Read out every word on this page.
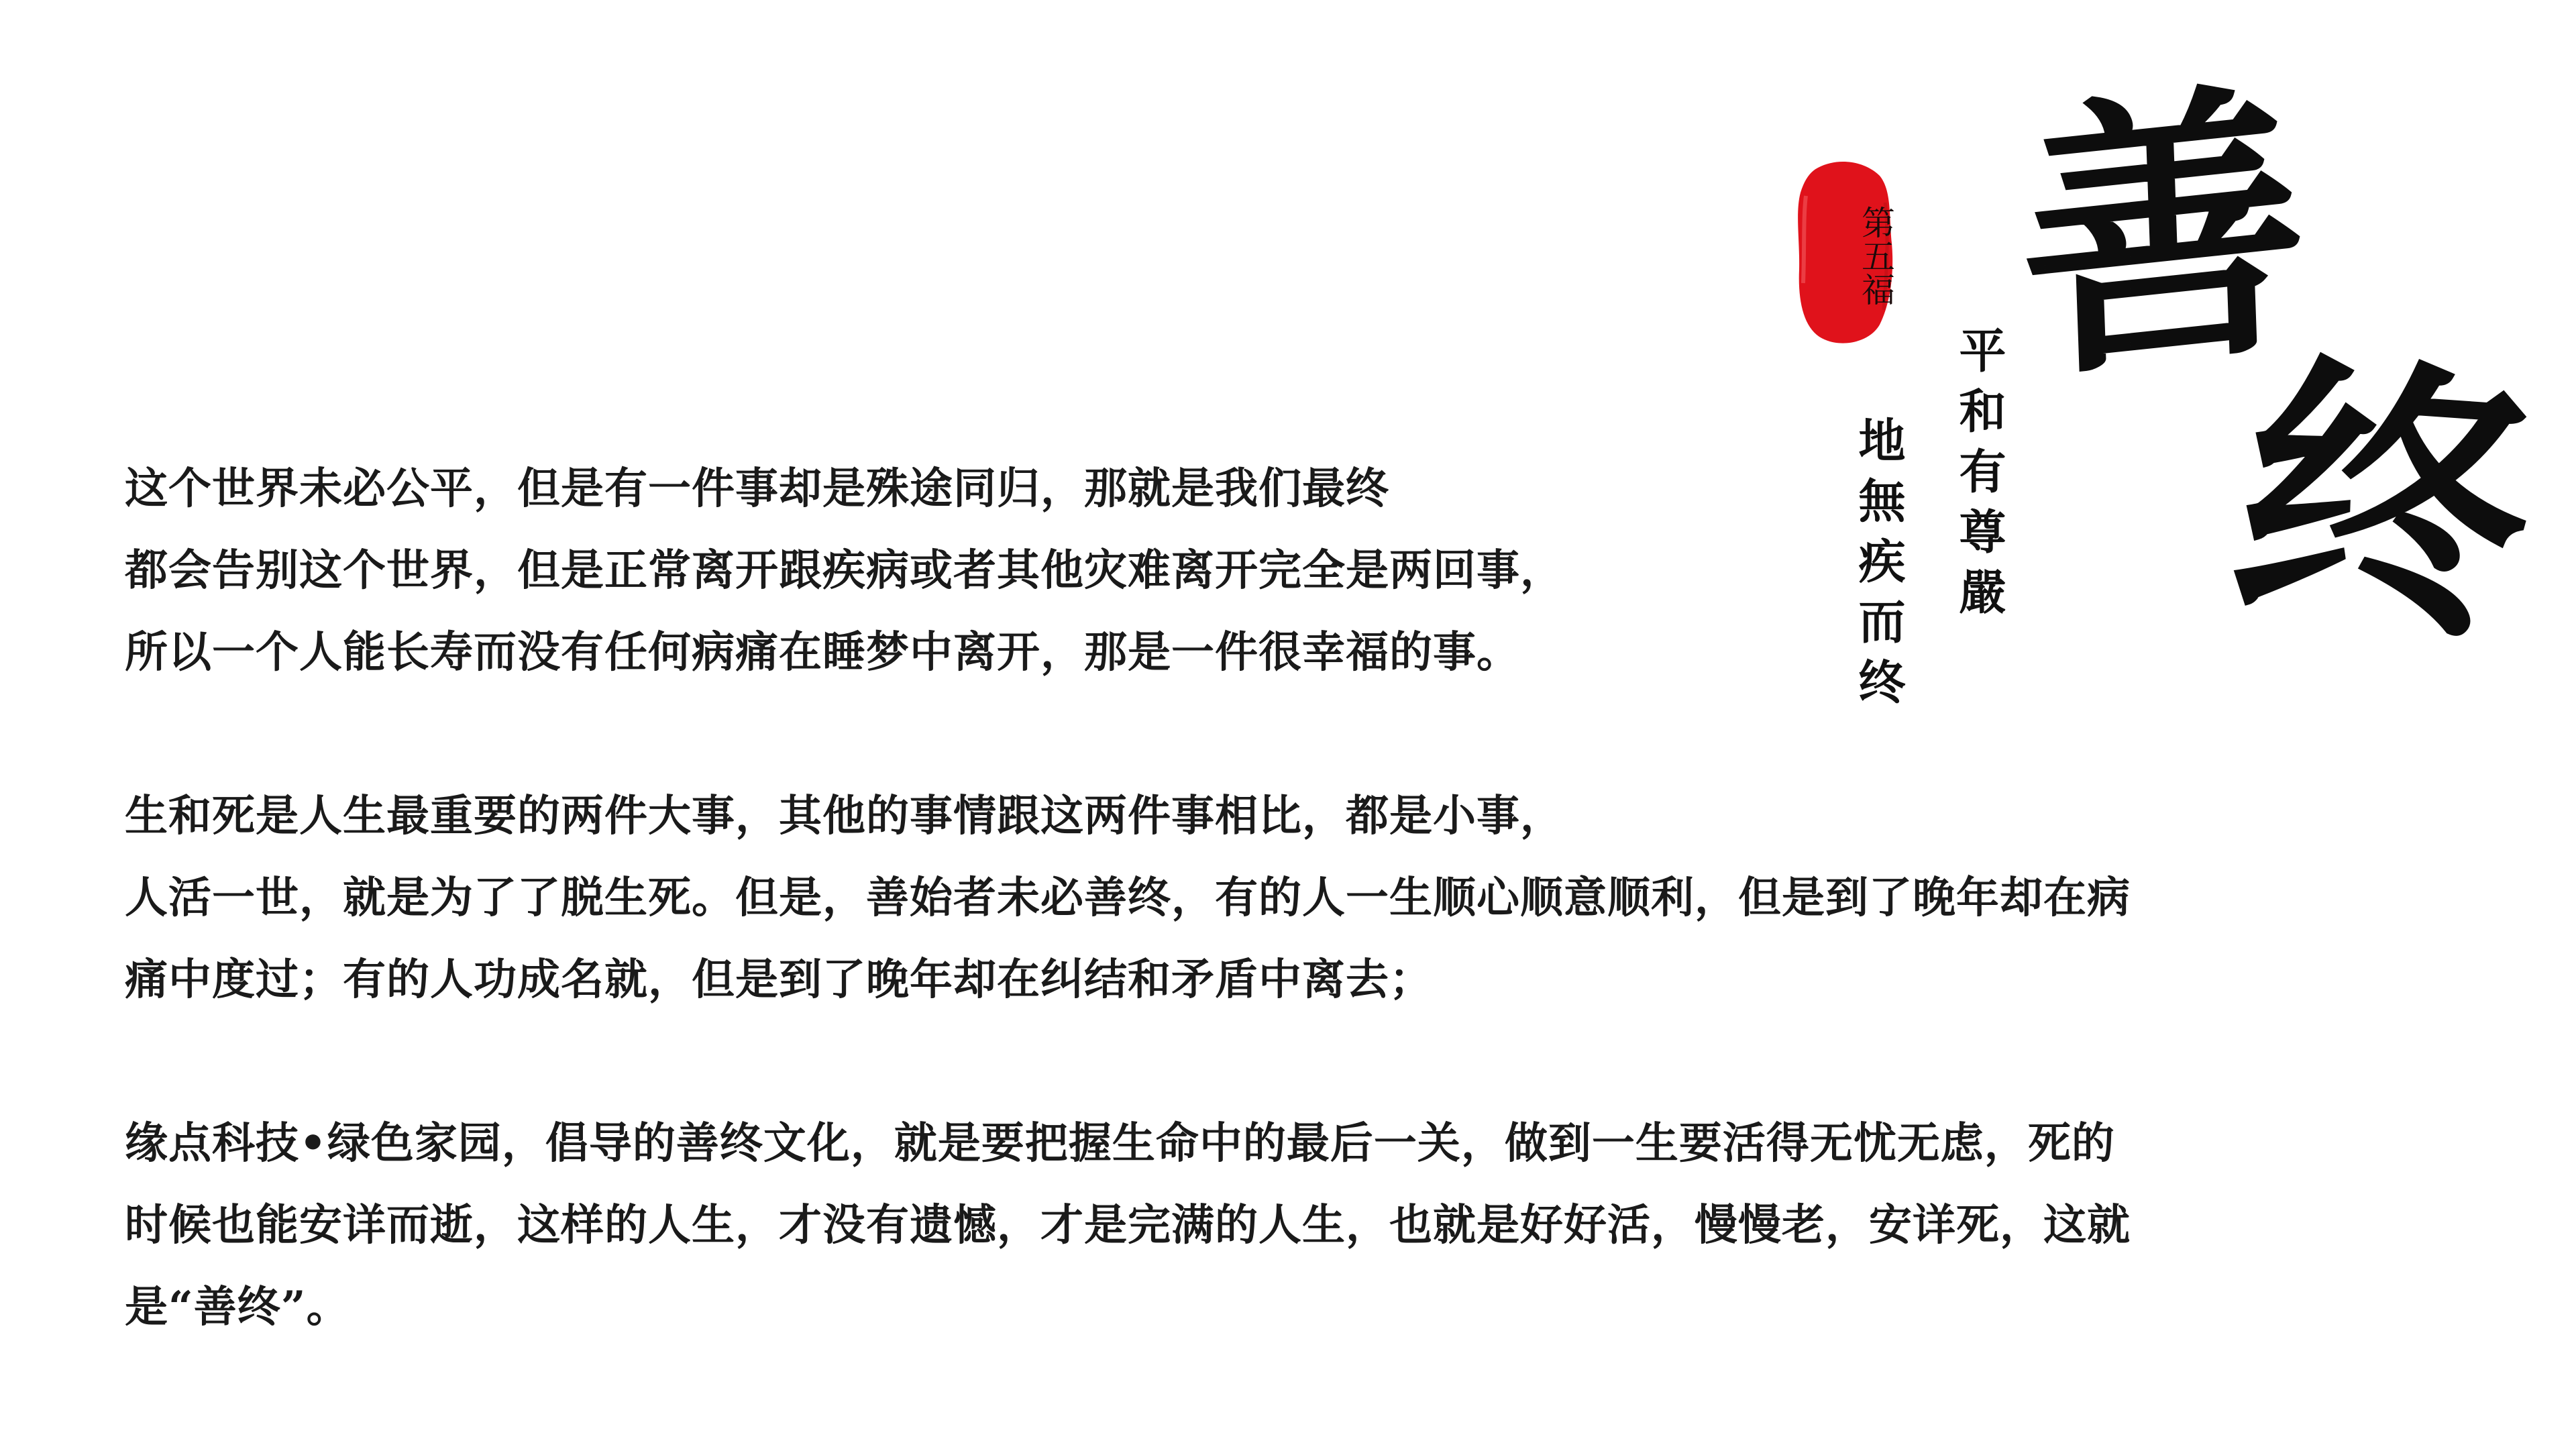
这个世界未必公平，但是有一件事却是殊途同归，那就是我们最终
都会告别这个世界，但是正常离开跟疾病或者其他灾难离开完全是两回事，
所以一个人能长寿而没有任何病痛在睡梦中离开，那是一件很幸福的事。
生和死是人生最重要的两件大事，其他的事情跟这两件事相比，都是小事，
人活一世，就是为了了脱生死。但是，善始者未必善终，有的人一生顺心顺意顺利，但是到了晚年却在病
痛中度过；有的人功成名就，但是到了晚年却在纠结和矛盾中离去；
缘点科技•绿色家园，倡导的善终文化，就是要把握生命中的最后一关，做到一生要活得无忧无虑，死的
时候也能安详而逝，这样的人生，才没有遗憾，才是完满的人生，也就是好好活，慢慢老，安详死，这就
是“善终”。
第五福
平和有尊嚴
地無疾而终
善
终
